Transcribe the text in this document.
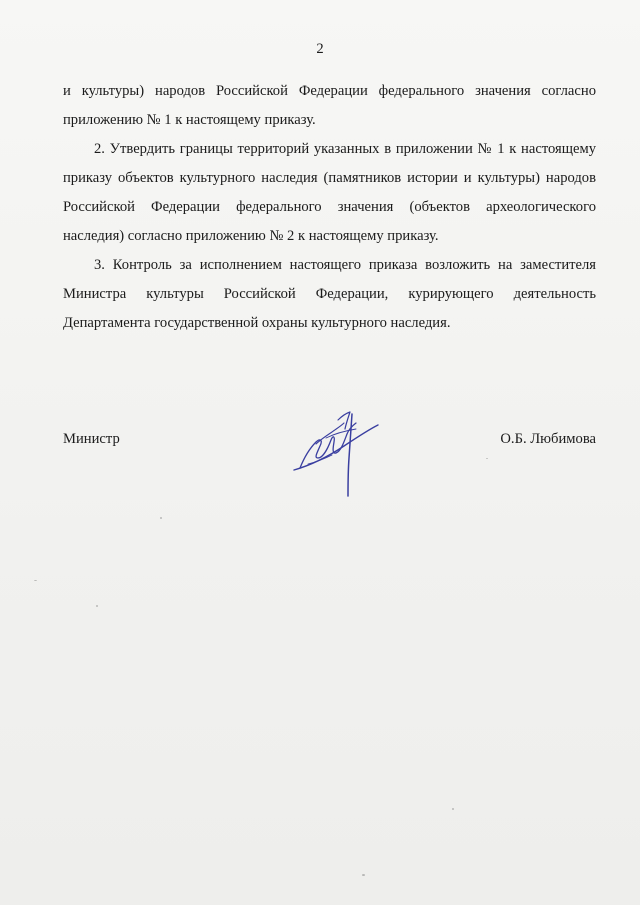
2

и культуры) народов Российской Федерации федерального значения согласно приложению № 1 к настоящему приказу.

2. Утвердить границы территорий указанных в приложении № 1 к настоящему приказу объектов культурного наследия (памятников истории и культуры) народов Российской Федерации федерального значения (объектов археологического наследия) согласно приложению № 2 к настоящему приказу.

3. Контроль за исполнением настоящего приказа возложить на заместителя Министра культуры Российской Федерации, курирующего деятельность Департамента государственной охраны культурного наследия.

Министр	О.Б. Любимова
